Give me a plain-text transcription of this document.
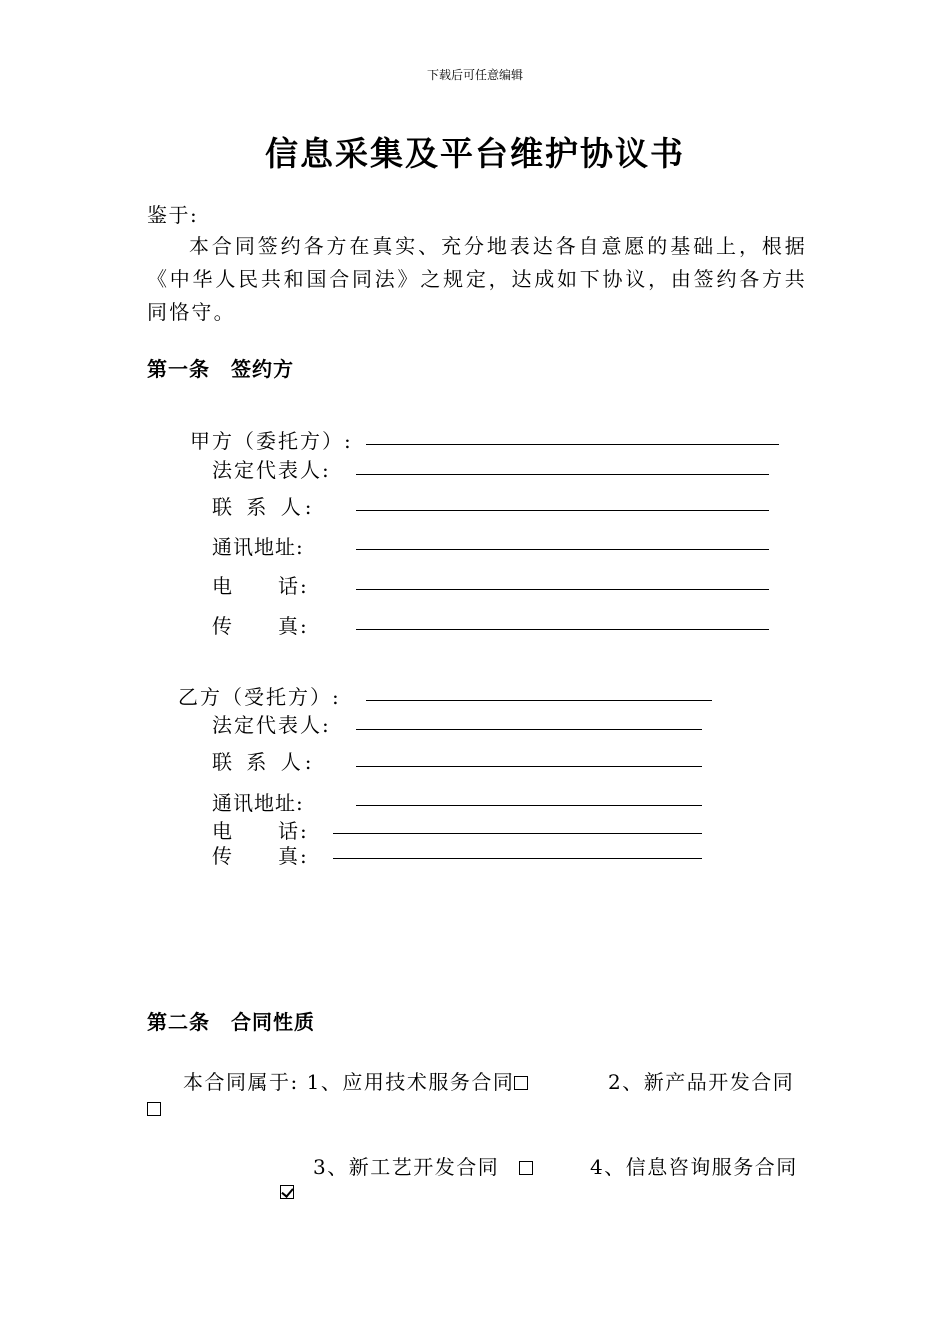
下载后可任意编辑
信息采集及平台维护协议书
鉴于:
本合同签约各方在真实、充分地表达各自意愿的基础上，根据《中华人民共和国合同法》之规定，达成如下协议，由签约各方共同恪守。
第一条　签约方
甲方（委托方）:
法定代表人:
联 系 人:
通讯地址:
电　　话:
传　　真:
乙方（受托方）:
法定代表人:
联 系 人:
通讯地址:
电　　话:
传　　真:
第二条　合同性质
本合同属于: 1、应用技术服务合同	2、新产品开发合同
3、新工艺开发合同	4、信息咨询服务合同
